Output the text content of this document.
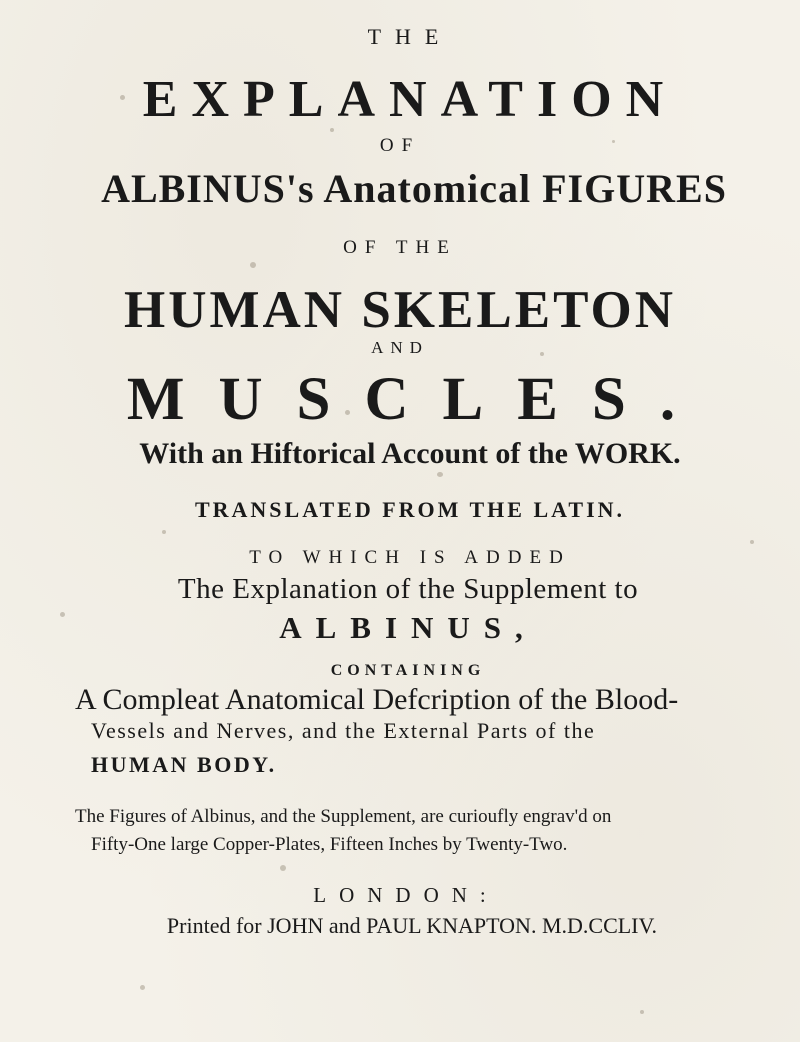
THE
EXPLANATION
OF
ALBINUS's Anatomical FIGURES
OF THE
HUMAN SKELETON
AND
MUSCLES.
With an Hiftorical Account of the WORK.
TRANSLATED FROM THE LATIN.
TO WHICH IS ADDED
The Explanation of the Supplement to
ALBINUS,
CONTAINING
A Compleat Anatomical Defcription of the Blood-
Vessels and Nerves, and the External Parts of the
HUMAN BODY.
The Figures of Albinus, and the Supplement, are curioufly engrav'd on
Fifty-One large Copper-Plates, Fifteen Inches by Twenty-Two.
LONDON:
Printed for JOHN and PAUL KNAPTON. M.D.CCLIV.
